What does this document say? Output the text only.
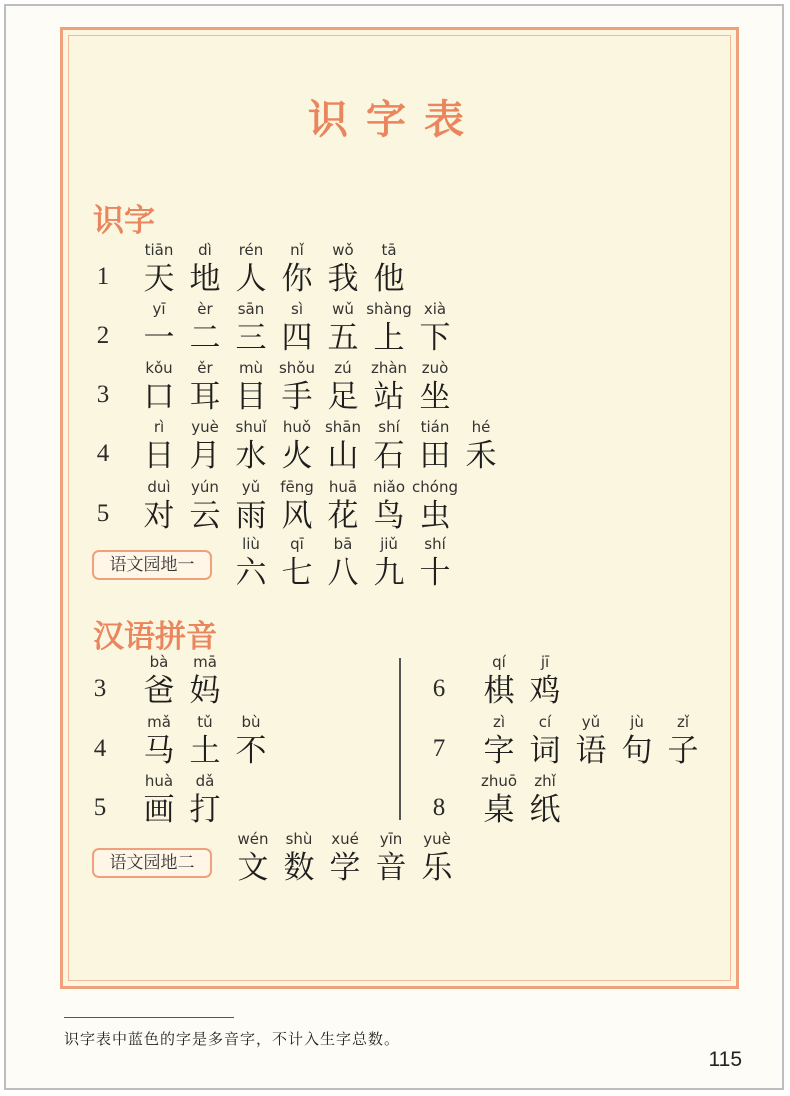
识字表
识字
汉语拼音
1
tiān
天
dì
地
rén
人
nǐ
你
wǒ
我
tā
他
2
yī
一
èr
二
sān
三
sì
四
wǔ
五
shàng
上
xià
下
3
kǒu
口
ěr
耳
mù
目
shǒu
手
zú
足
zhàn
站
zuò
坐
4
rì
日
yuè
月
shuǐ
水
huǒ
火
shān
山
shí
石
tián
田
hé
禾
5
duì
对
yún
云
yǔ
雨
fēng
风
huā
花
niǎo
鸟
chóng
虫
语文园地一
liù
六
qī
七
bā
八
jiǔ
九
shí
十
3
bà
爸
mā
妈
4
mǎ
马
tǔ
土
bù
不
5
huà
画
dǎ
打
6
qí
棋
jī
鸡
7
zì
字
cí
词
yǔ
语
jù
句
zǐ
子
8
zhuō
桌
zhǐ
纸
语文园地二
wén
文
shù
数
xué
学
yīn
音
yuè
乐
识字表中蓝色的字是多音字，不计入生字总数。
115
